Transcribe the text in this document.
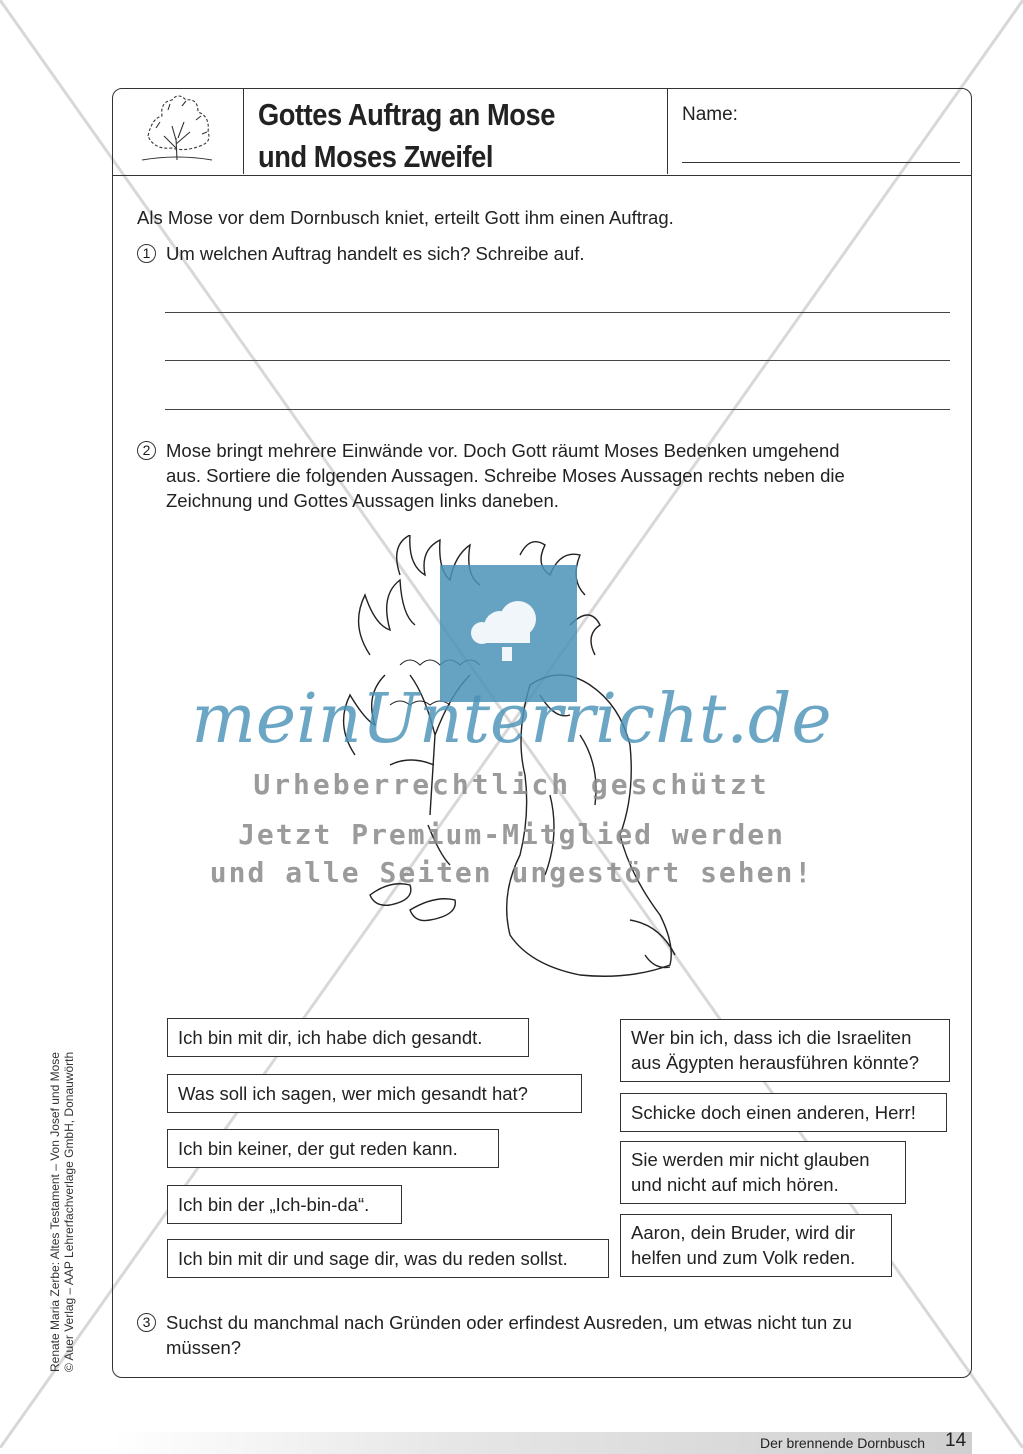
Gottes Auftrag an Mose
und Moses Zweifel
Name:
Als Mose vor dem Dornbusch kniet, erteilt Gott ihm einen Auftrag.
1 Um welchen Auftrag handelt es sich? Schreibe auf.
2 Mose bringt mehrere Einwände vor. Doch Gott räumt Moses Bedenken umgehend
aus. Sortiere die folgenden Aussagen. Schreibe Moses Aussagen rechts neben die
Zeichnung und Gottes Aussagen links daneben.
meinUnterricht.de
Urheberrechtlich geschützt
Jetzt Premium-Mitglied werden
und alle Seiten ungestört sehen!
Ich bin mit dir, ich habe dich gesandt.
Was soll ich sagen, wer mich gesandt hat?
Ich bin keiner, der gut reden kann.
Ich bin der „Ich-bin-da“.
Ich bin mit dir und sage dir, was du reden sollst.
Wer bin ich, dass ich die Israeliten
aus Ägypten herausführen könnte?
Schicke doch einen anderen, Herr!
Sie werden mir nicht glauben
und nicht auf mich hören.
Aaron, dein Bruder, wird dir
helfen und zum Volk reden.
3 Suchst du manchmal nach Gründen oder erfindest Ausreden, um etwas nicht tun zu
müssen?
Renate Maria Zerbe: Altes Testament – Von Josef und Mose © Auer Verlag – AAP Lehrerfachverlage GmbH, Donauwörth
Der brennende Dornbusch 14
